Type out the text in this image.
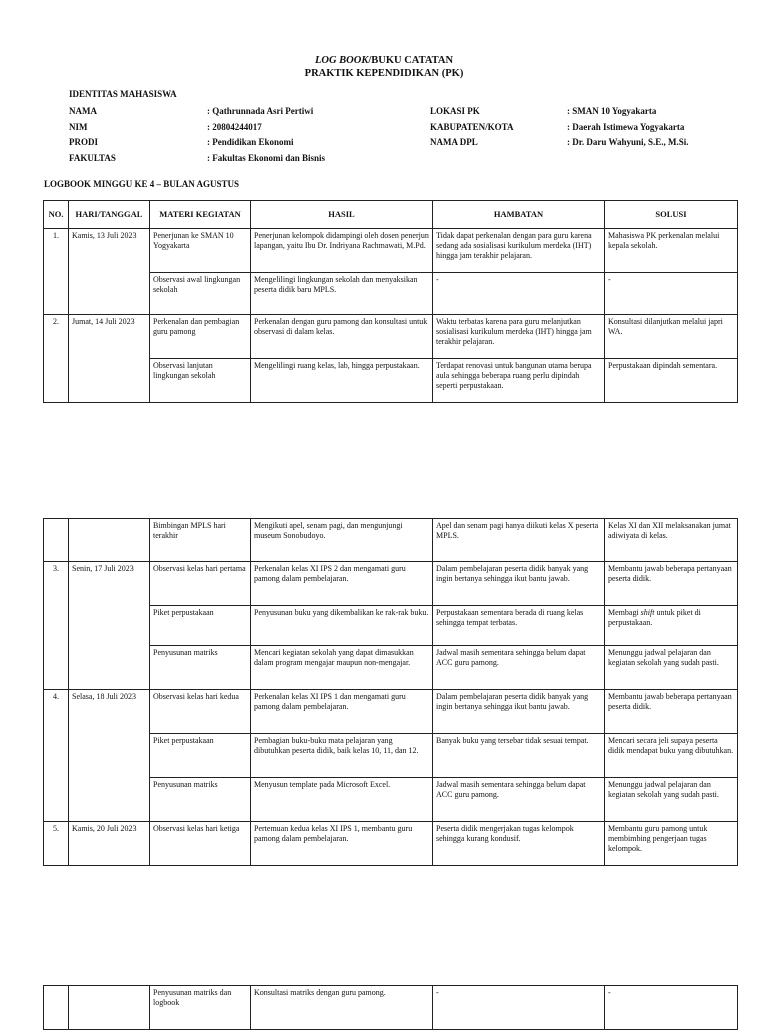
LOG BOOK/BUKU CATATAN
PRAKTIK KEPENDIDIKAN (PK)
IDENTITAS MAHASISWA
NAMA	: Qathrunnada Asri Pertiwi
NIM	: 20804244017
PRODI	: Pendidikan Ekonomi
FAKULTAS	: Fakultas Ekonomi dan Bisnis
LOKASI PK	: SMAN 10 Yogyakarta
KABUPATEN/KOTA	: Daerah Istimewa Yogyakarta
NAMA DPL	: Dr. Daru Wahyuni, S.E., M.Si.
LOGBOOK MINGGU KE 4 – BULAN AGUSTUS
NO.	HARI/TANGGAL	MATERI KEGIATAN	HASIL	HAMBATAN	SOLUSI
1.	Kamis, 13 Juli 2023	Penerjunan ke SMAN 10 Yogyakarta	Penerjunan kelompok didampingi oleh dosen penerjun lapangan, yaitu Ibu Dr. Indriyana Rachmawati, M.Pd.	Tidak dapat perkenalan dengan para guru karena sedang ada sosialisasi kurikulum merdeka (IHT) hingga jam terakhir pelajaran.	Mahasiswa PK perkenalan melalui kepala sekolah.
		Observasi awal lingkungan sekolah	Mengelilingi lingkungan sekolah dan menyaksikan peserta didik baru MPLS.	-	-
2.	Jumat, 14 Juli 2023	Perkenalan dan pembagian guru pamong	Perkenalan dengan guru pamong dan konsultasi untuk observasi di dalam kelas.	Waktu terbatas karena para guru melanjutkan sosialisasi kurikulum merdeka (IHT) hingga jam terakhir pelajaran.	Konsultasi dilanjutkan melalui japri WA.
		Observasi lanjutan lingkungan sekolah	Mengelilingi ruang kelas, lab, hingga perpustakaan.	Terdapat renovasi untuk bangunan utama berupa aula sehingga beberapa ruang perlu dipindah seperti perpustakaan.	Perpustakaan dipindah sementara.
		Bimbingan MPLS hari terakhir	Mengikuti apel, senam pagi, dan mengunjungi museum Sonobudoyo.	Apel dan senam pagi hanya diikuti kelas X peserta MPLS.	Kelas XI dan XII melaksanakan jumat adiwiyata di kelas.
3.	Senin, 17 Juli 2023	Observasi kelas hari pertama	Perkenalan kelas XI IPS 2 dan mengamati guru pamong dalam pembelajaran.	Dalam pembelajaran peserta didik banyak yang ingin bertanya sehingga ikut bantu jawab.	Membantu jawab beberapa pertanyaan peserta didik.
		Piket perpustakaan	Penyusunan buku yang dikembalikan ke rak-rak buku.	Perpustakaan sementara berada di ruang kelas sehingga tempat terbatas.	Membagi shift untuk piket di perpustakaan.
		Penyusunan matriks	Mencari kegiatan sekolah yang dapat dimasukkan dalam program mengajar maupun non-mengajar.	Jadwal masih sementara sehingga belum dapat ACC guru pamong.	Menunggu jadwal pelajaran dan kegiatan sekolah yang sudah pasti.
4.	Selasa, 18 Juli 2023	Observasi kelas hari kedua	Perkenalan kelas XI IPS 1 dan mengamati guru pamong dalam pembelajaran.	Dalam pembelajaran peserta didik banyak yang ingin bertanya sehingga ikut bantu jawab.	Membantu jawab beberapa pertanyaan peserta didik.
		Piket perpustakaan	Pembagian buku-buku mata pelajaran yang dibutuhkan peserta didik, baik kelas 10, 11, dan 12.	Banyak buku yang tersebar tidak sesuai tempat.	Mencari secara jeli supaya peserta didik mendapat buku yang dibutuhkan.
		Penyusunan matriks	Menyusun template pada Microsoft Excel.	Jadwal masih sementara sehingga belum dapat ACC guru pamong.	Menunggu jadwal pelajaran dan kegiatan sekolah yang sudah pasti.
5.	Kamis, 20 Juli 2023	Observasi kelas hari ketiga	Pertemuan kedua kelas XI IPS 1, membantu guru pamong dalam pembelajaran.	Peserta didik mengerjakan tugas kelompok sehingga kurang kondusif.	Membantu guru pamong untuk membimbing pengerjaan tugas kelompok.
		Penyusunan matriks dan logbook	Konsultasi matriks dengan guru pamong.	-	-
